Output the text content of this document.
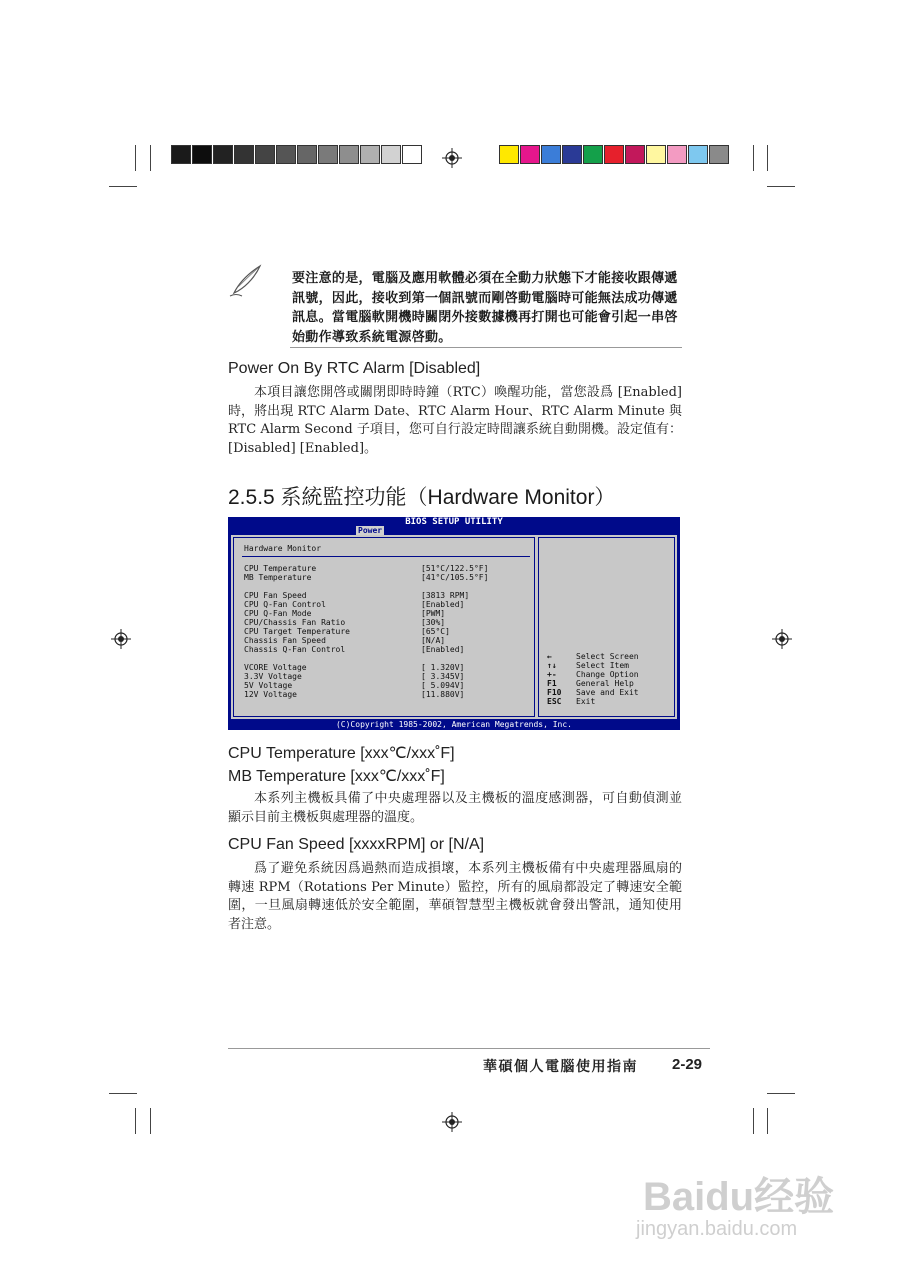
要注意的是，電腦及應用軟體必須在全動力狀態下才能接收跟傳遞訊號，因此，接收到第一個訊號而剛啓動電腦時可能無法成功傳遞訊息。當電腦軟開機時關閉外接數據機再打開也可能會引起一串啓始動作導致系統電源啓動。
Power On By RTC Alarm [Disabled]
本項目讓您開啓或關閉即時時鐘（RTC）喚醒功能，當您設爲 [Enabled] 時，將出現 RTC Alarm Date、RTC Alarm Hour、RTC Alarm Minute 與 RTC Alarm Second 子項目，您可自行設定時間讓系統自動開機。設定值有：[Disabled] [Enabled]。
2.5.5 系統監控功能（Hardware Monitor）
BIOS SETUP UTILITY
Power
Hardware Monitor
CPU Temperature	[51°C/122.5°F]
MB Temperature	[41°C/105.5°F]
CPU Fan Speed	[3813 RPM]
CPU Q-Fan Control	[Enabled]
CPU Q-Fan Mode	[PWM]
CPU/Chassis Fan Ratio	[30%]
CPU Target Temperature	[65°C]
Chassis Fan Speed	[N/A]
Chassis Q-Fan Control	[Enabled]
VCORE Voltage	[ 1.320V]
3.3V Voltage	[ 3.345V]
5V Voltage	[ 5.094V]
12V Voltage	[11.880V]
←	Select Screen
↑↓ Select Item
+- Change Option
F1 General Help
F10 Save and Exit
ESC Exit
(C)Copyright 1985-2002, American Megatrends, Inc.
CPU Temperature [xxx℃/xxx˚F]
MB Temperature [xxx℃/xxx˚F]
本系列主機板具備了中央處理器以及主機板的溫度感測器，可自動偵測並顯示目前主機板與處理器的溫度。
CPU Fan Speed [xxxxRPM] or [N/A]
爲了避免系統因爲過熱而造成損壞，本系列主機板備有中央處理器風扇的轉速 RPM（Rotations Per Minute）監控，所有的風扇都設定了轉速安全範圍，一旦風扇轉速低於安全範圍，華碩智慧型主機板就會發出警訊，通知使用者注意。
華碩個人電腦使用指南 2-29
Baidu经验
jingyan.baidu.com
